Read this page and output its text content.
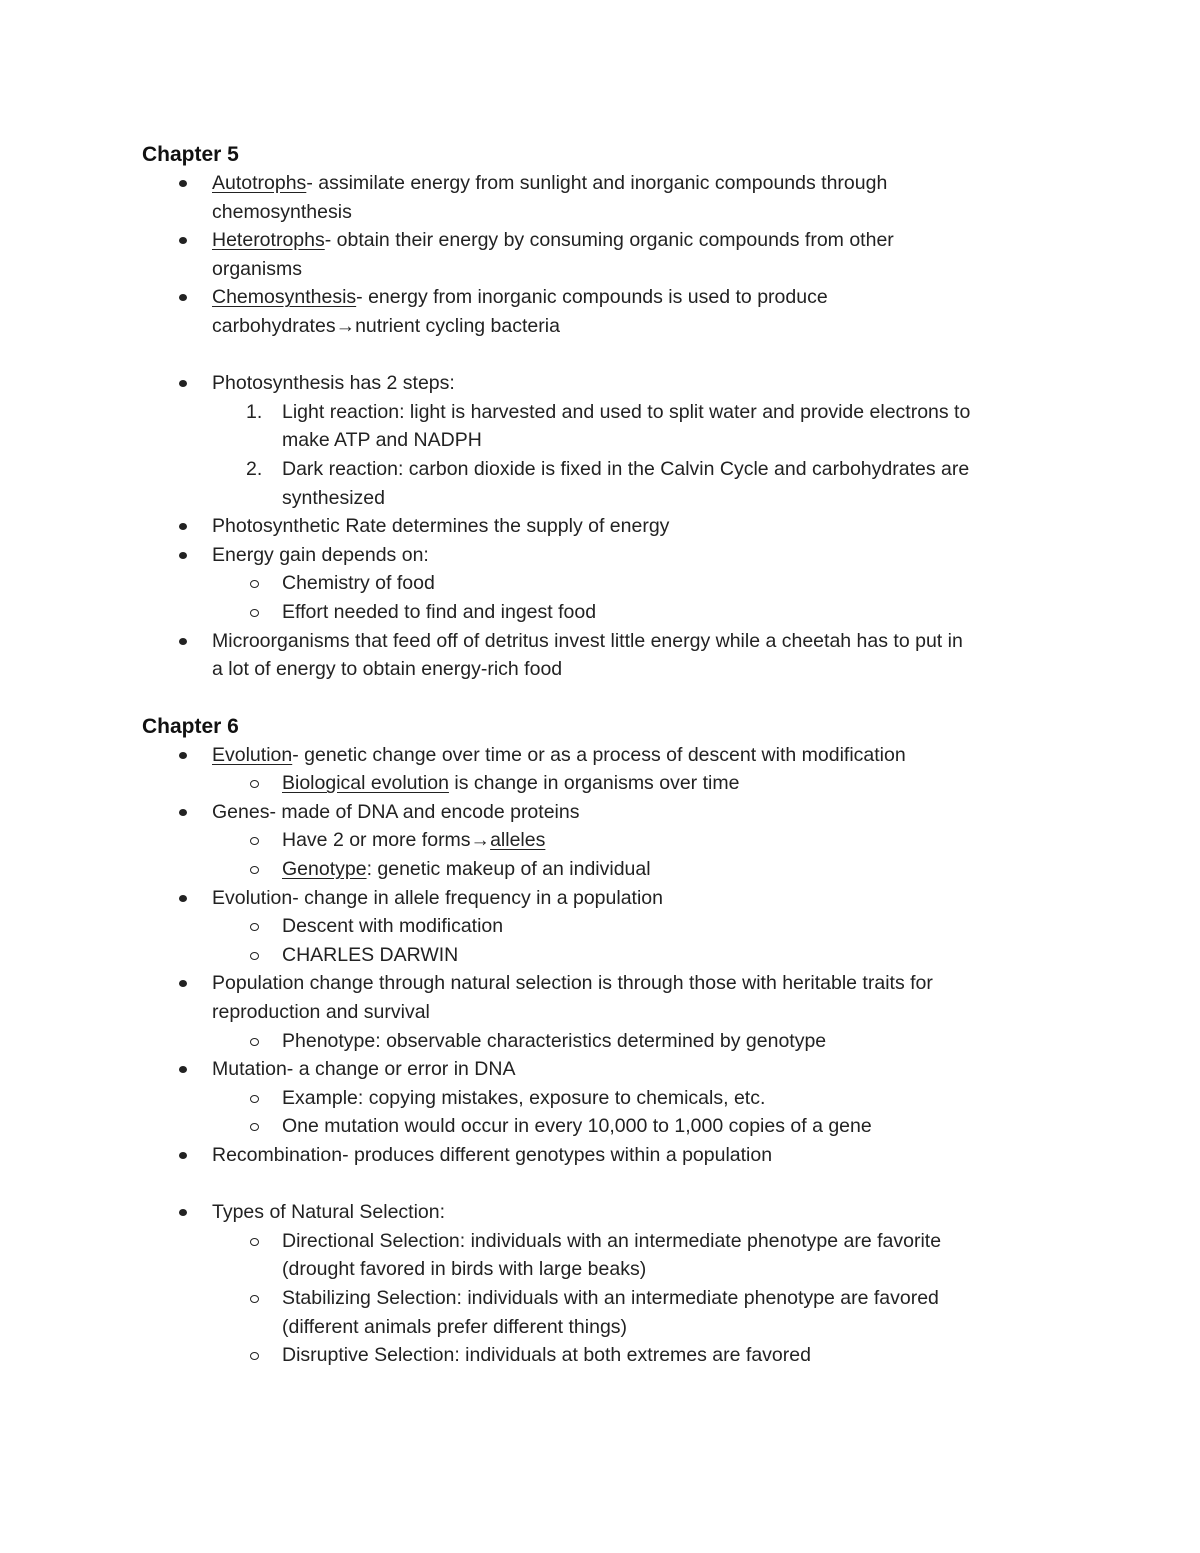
Chapter 5
Autotrophs- assimilate energy from sunlight and inorganic compounds through
chemosynthesis
Heterotrophs- obtain their energy by consuming organic compounds from other
organisms
Chemosynthesis- energy from inorganic compounds is used to produce
carbohydrates→nutrient cycling bacteria
Photosynthesis has 2 steps:
1. Light reaction: light is harvested and used to split water and provide electrons to
make ATP and NADPH
2. Dark reaction: carbon dioxide is fixed in the Calvin Cycle and carbohydrates are
synthesized
Photosynthetic Rate determines the supply of energy
Energy gain depends on:
Chemistry of food
Effort needed to find and ingest food
Microorganisms that feed off of detritus invest little energy while a cheetah has to put in
a lot of energy to obtain energy-rich food
Chapter 6
Evolution- genetic change over time or as a process of descent with modification
Biological evolution is change in organisms over time
Genes- made of DNA and encode proteins
Have 2 or more forms→alleles
Genotype: genetic makeup of an individual
Evolution- change in allele frequency in a population
Descent with modification
CHARLES DARWIN
Population change through natural selection is through those with heritable traits for
reproduction and survival
Phenotype: observable characteristics determined by genotype
Mutation- a change or error in DNA
Example: copying mistakes, exposure to chemicals, etc.
One mutation would occur in every 10,000 to 1,000 copies of a gene
Recombination- produces different genotypes within a population
Types of Natural Selection:
Directional Selection: individuals with an intermediate phenotype are favorite
(drought favored in birds with large beaks)
Stabilizing Selection: individuals with an intermediate phenotype are favored
(different animals prefer different things)
Disruptive Selection: individuals at both extremes are favored
